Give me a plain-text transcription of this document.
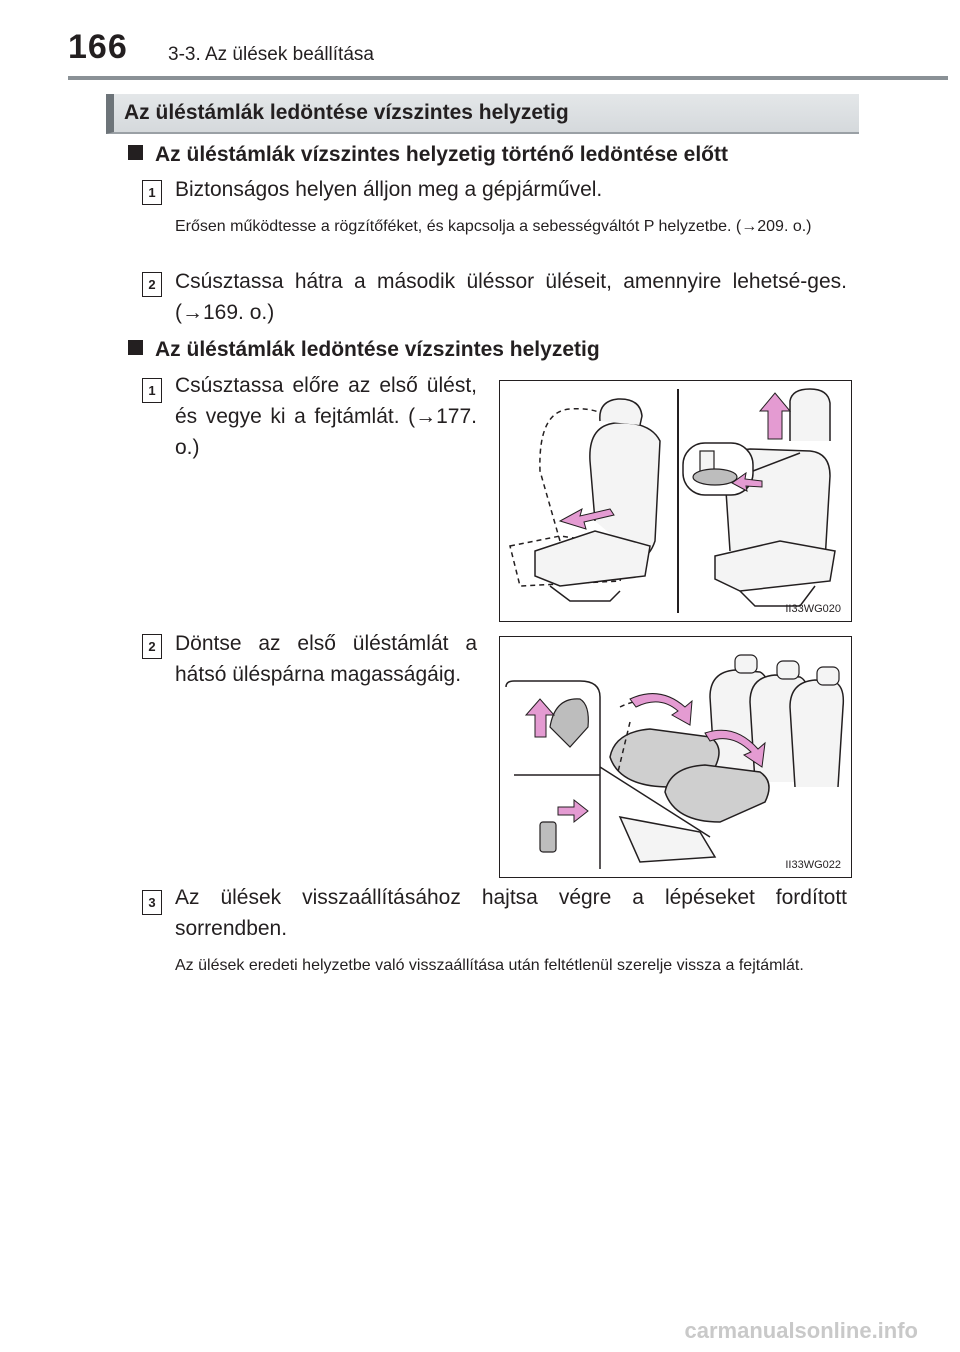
166 3-3. Az ülések beállítása
Az üléstámlák ledöntése vízszintes helyzetig
Az üléstámlák vízszintes helyzetig történő ledöntése előtt
1 Biztonságos helyen álljon meg a gépjárművel.
Erősen működtesse a rögzítőféket, és kapcsolja a sebességváltót P helyzetbe. (→209. o.)
2 Csúsztassa hátra a második üléssor üléseit, amennyire lehetsé-ges. (→169. o.)
Az üléstámlák ledöntése vízszintes helyzetig
1 Csúsztassa előre az első ülést, és vegye ki a fejtámlát. (→177. o.)
II33WG020
2 Döntse az első üléstámlát a hátsó üléspárna magasságáig.
II33WG022
3 Az ülések visszaállításához hajtsa végre a lépéseket fordított sorrendben.
Az ülések eredeti helyzetbe való visszaállítása után feltétlenül szerelje vissza a fejtámlát.
carmanualsonline.info
